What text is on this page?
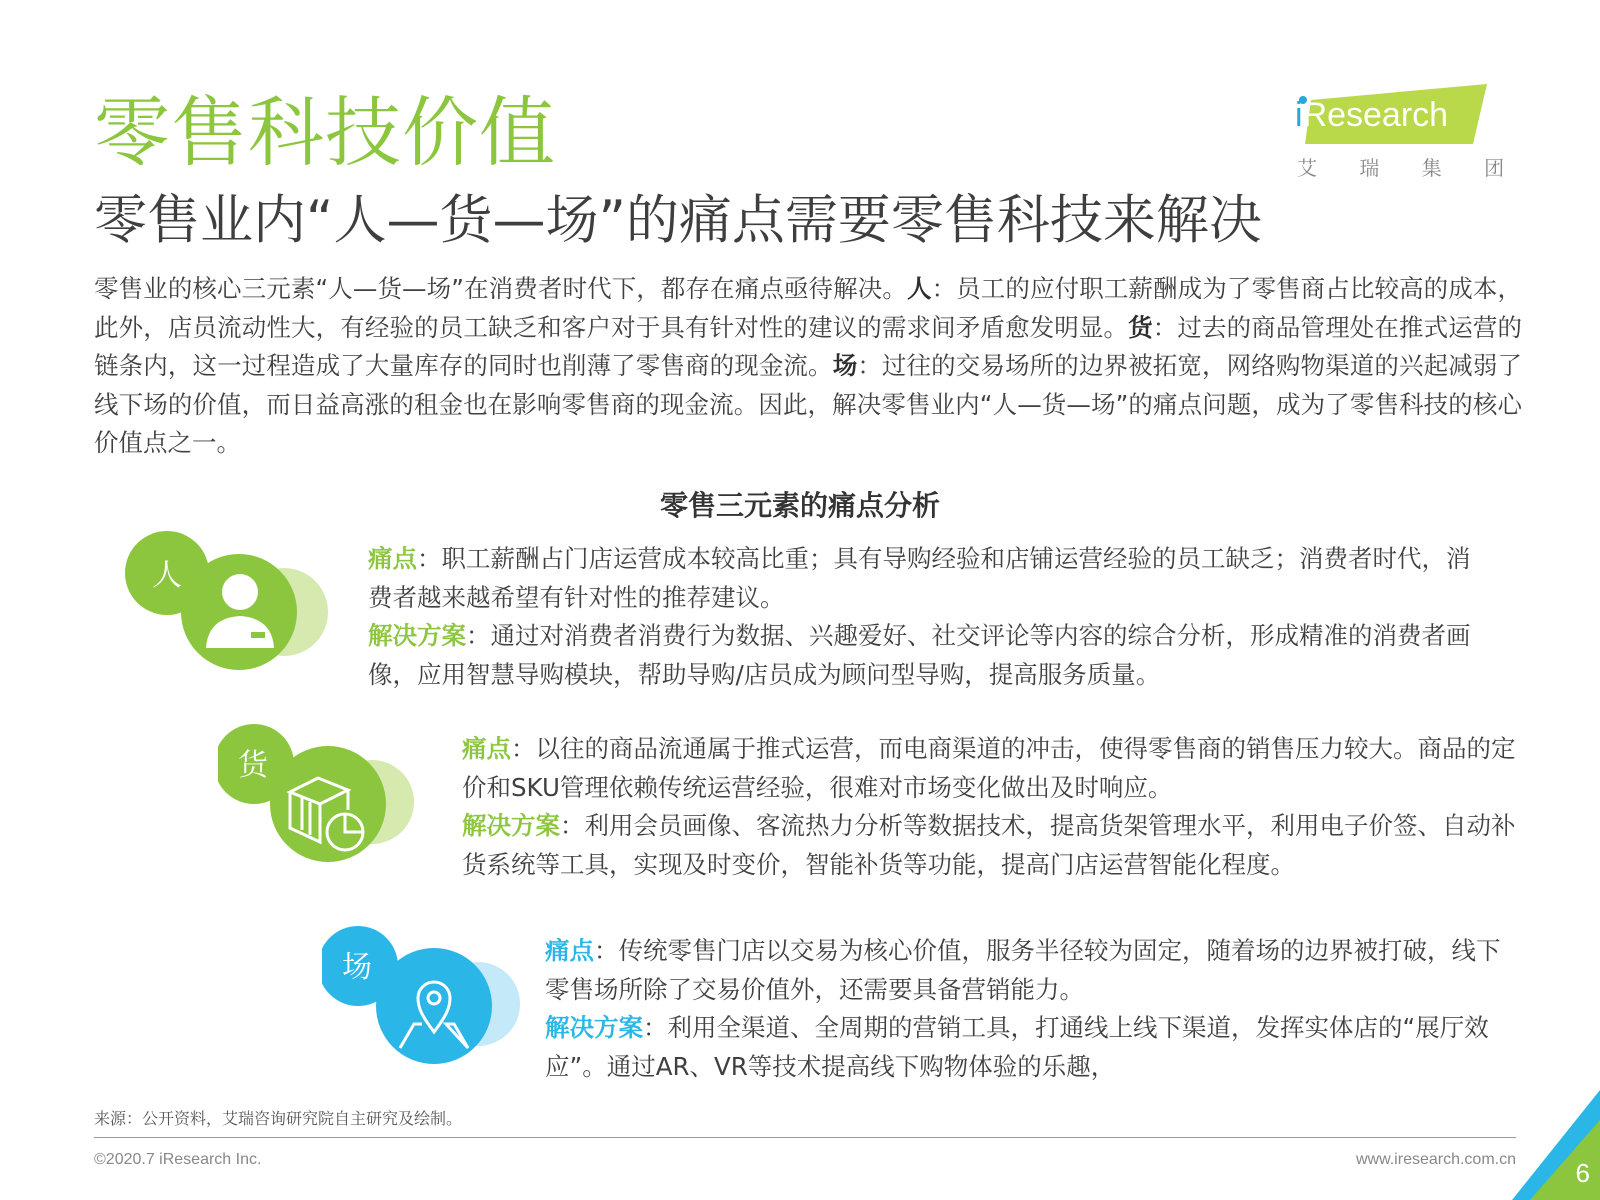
零售科技价值	iResearch
艾 瑞 集 团
零售业内“人—货—场”的痛点需要零售科技来解决
零售业的核心三元素“人—货—场”在消费者时代下，都存在痛点亟待解决。人：员工的应付职工薪酬成为了零售商占比较高的成本，此外，店员流动性大，有经验的员工缺乏和客户对于具有针对性的建议的需求间矛盾愈发明显。货：过去的商品管理处在推式运营的链条内，这一过程造成了大量库存的同时也削薄了零售商的现金流。场：过往的交易场所的边界被拓宽，网络购物渠道的兴起减弱了线下场的价值，而日益高涨的租金也在影响零售商的现金流。因此，解决零售业内“人—货—场”的痛点问题，成为了零售科技的核心价值点之一。
零售三元素的痛点分析
人	痛点：职工薪酬占门店运营成本较高比重；具有导购经验和店铺运营经验的员工缺乏；消费者时代，消费者越来越希望有针对性的推荐建议。
解决方案：通过对消费者消费行为数据、兴趣爱好、社交评论等内容的综合分析，形成精准的消费者画像，应用智慧导购模块，帮助导购/店员成为顾问型导购，提高服务质量。
货	痛点：以往的商品流通属于推式运营，而电商渠道的冲击，使得零售商的销售压力较大。商品的定价和SKU管理依赖传统运营经验，很难对市场变化做出及时响应。
解决方案：利用会员画像、客流热力分析等数据技术，提高货架管理水平，利用电子价签、自动补货系统等工具，实现及时变价，智能补货等功能，提高门店运营智能化程度。
场	痛点：传统零售门店以交易为核心价值，服务半径较为固定，随着场的边界被打破，线下零售场所除了交易价值外，还需要具备营销能力。
解决方案：利用全渠道、全周期的营销工具，打通线上线下渠道，发挥实体店的“展厅效应”。通过AR、VR等技术提高线下购物体验的乐趣，
来源：公开资料，艾瑞咨询研究院自主研究及绘制。
©2020.7 iResearch Inc.	www.iresearch.com.cn 6
